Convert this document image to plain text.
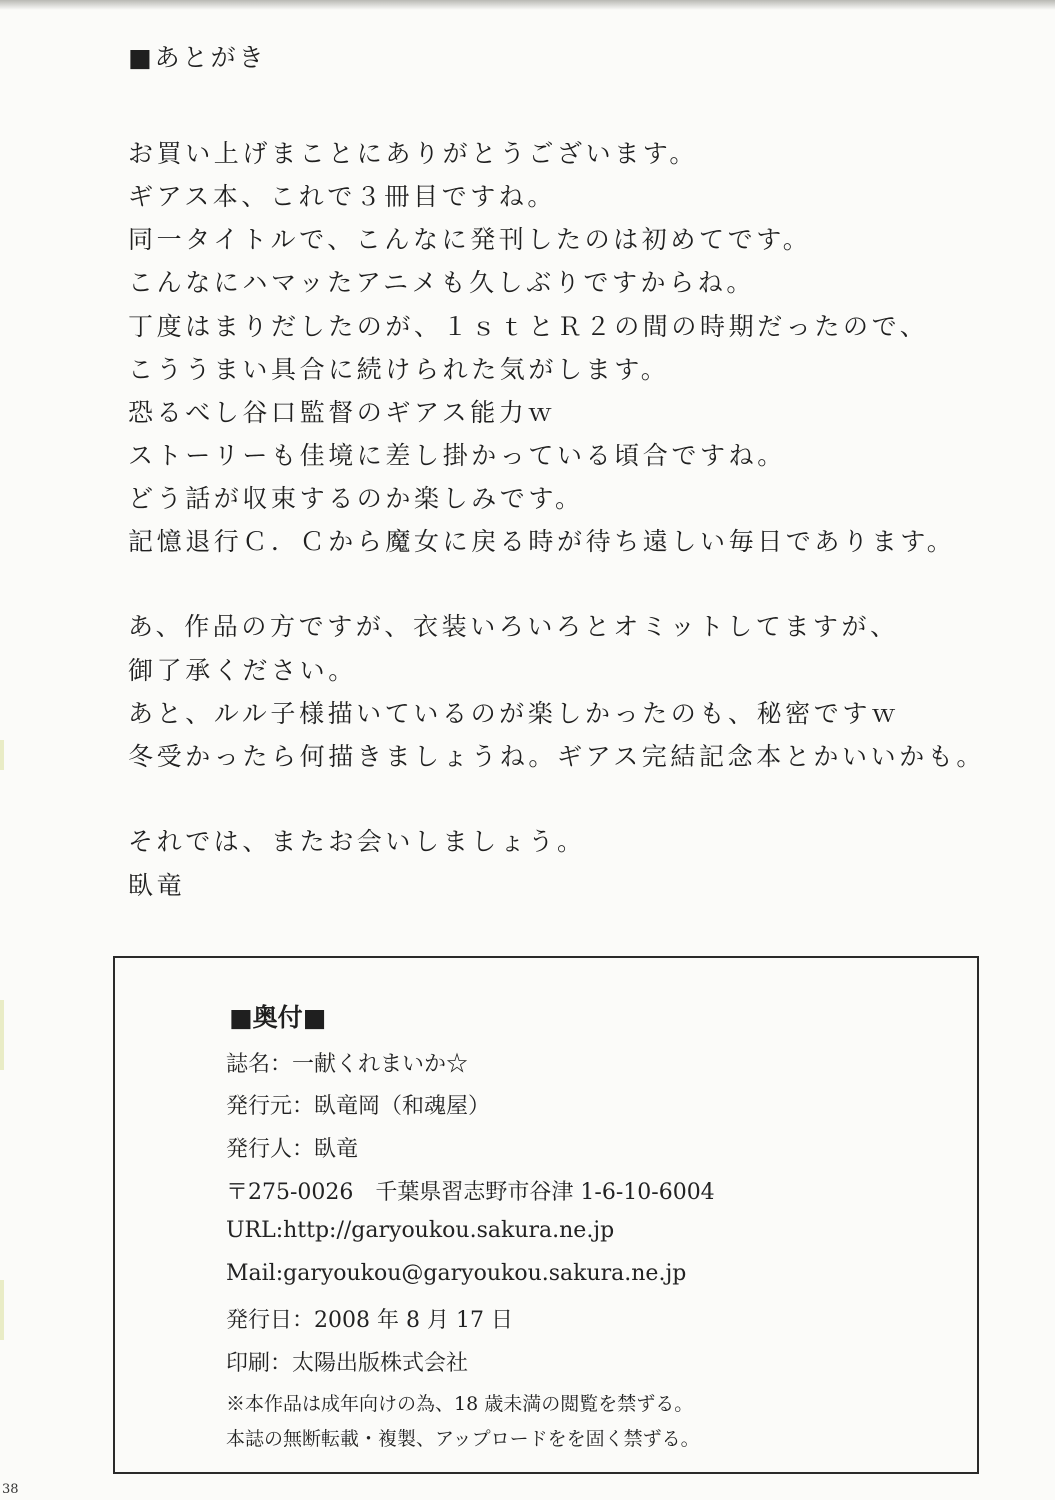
■あとがき
お買い上げまことにありがとうございます。
ギアス本、これで３冊目ですね。
同一タイトルで、こんなに発刊したのは初めてです。
こんなにハマッたアニメも久しぶりですからね。
丁度はまりだしたのが、１ｓｔとＲ２の間の時期だったので、
こううまい具合に続けられた気がします。
恐るべし谷口監督のギアス能力ｗ
ストーリーも佳境に差し掛かっている頃合ですね。
どう話が収束するのか楽しみです。
記憶退行Ｃ．Ｃから魔女に戻る時が待ち遠しい毎日であります。
あ、作品の方ですが、衣装いろいろとオミットしてますが、
御了承ください。
あと、ルル子様描いているのが楽しかったのも、秘密ですｗ
冬受かったら何描きましょうね。ギアス完結記念本とかいいかも。
それでは、またお会いしましょう。
臥竜
■奥付■
誌名：一献くれまいか☆
発行元：臥竜岡（和魂屋）
発行人：臥竜
〒275-0026　千葉県習志野市谷津 1-6-10-6004
URL:http://garyoukou.sakura.ne.jp
Mail:garyoukou@garyoukou.sakura.ne.jp
発行日：2008 年 8 月 17 日
印刷：太陽出版株式会社
※本作品は成年向けの為、18 歳未満の閲覧を禁ずる。
本誌の無断転載・複製、アップロードをを固く禁ずる。
38
